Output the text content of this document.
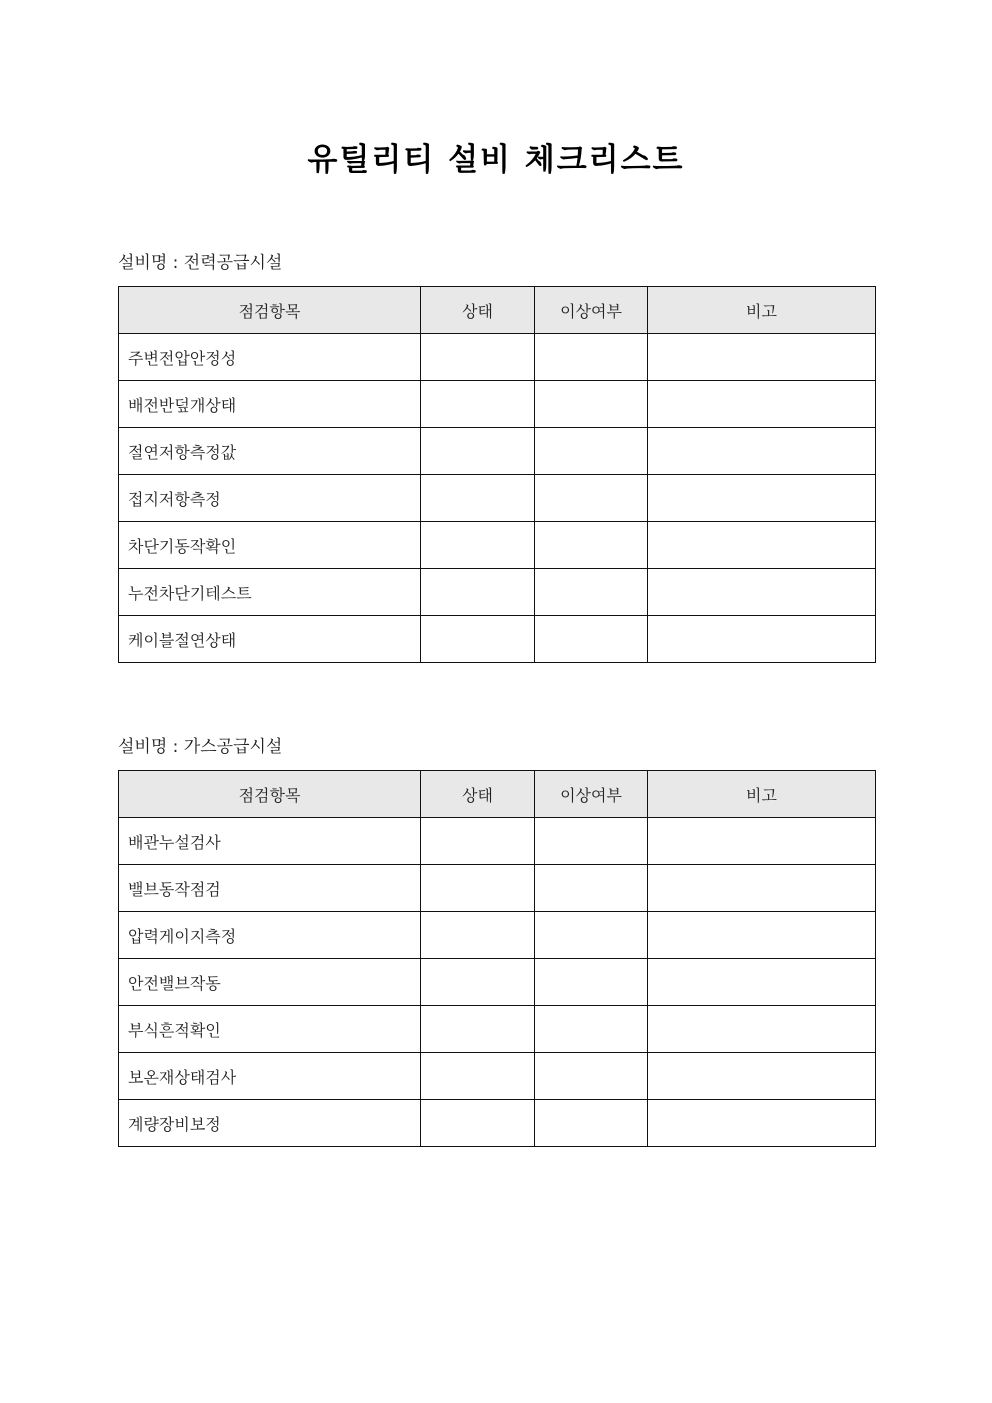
유틸리티 설비 체크리스트
설비명 : 전력공급시설
점검항목	상태	이상여부	비고
주변전압안정성			
배전반덮개상태			
절연저항측정값			
접지저항측정			
차단기동작확인			
누전차단기테스트			
케이블절연상태			
설비명 : 가스공급시설
점검항목	상태	이상여부	비고
배관누설검사			
밸브동작점검			
압력게이지측정			
안전밸브작동			
부식흔적확인			
보온재상태검사			
계량장비보정			
